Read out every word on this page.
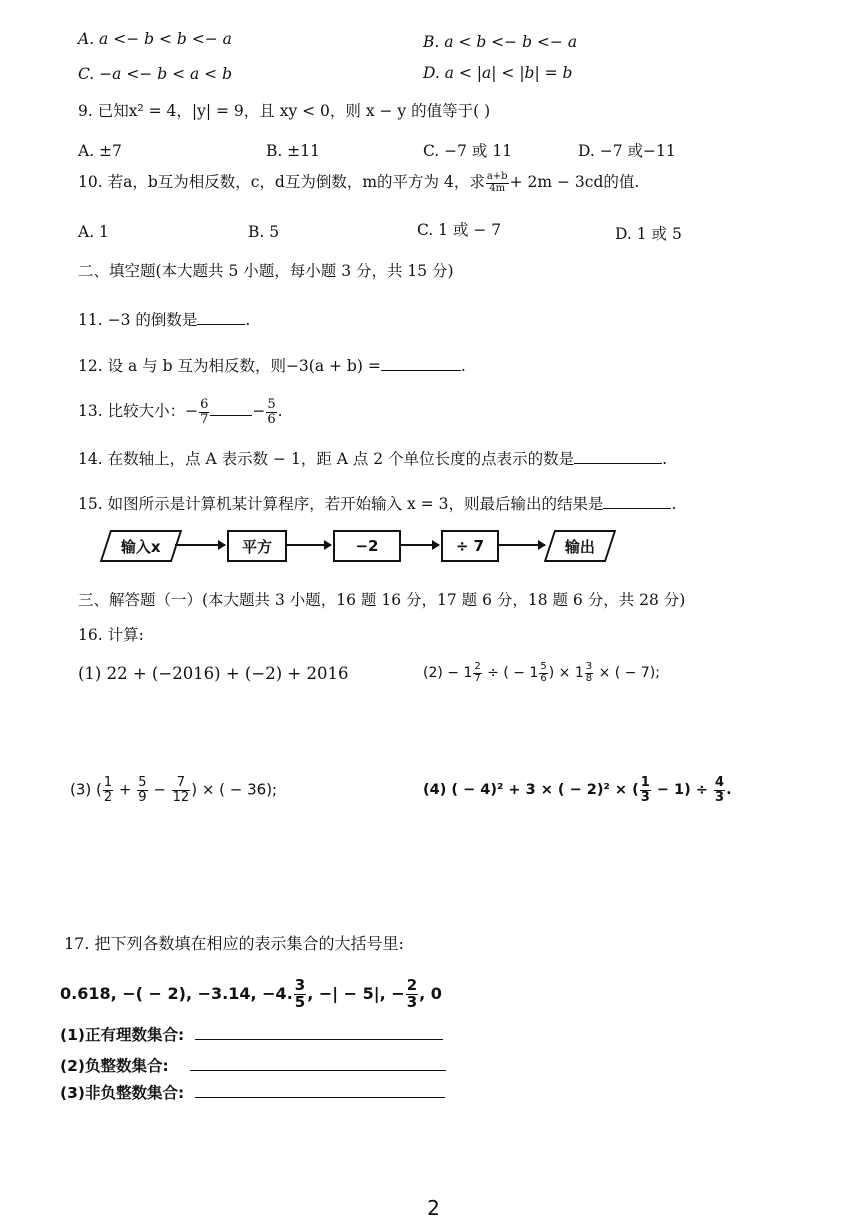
A. a <− b < b <− a	B. a < b <− b <− a
C. −a <− b < a < b	D. a < |a| < |b| = b
9. 已知x² = 4，|y| = 9，且 xy < 0，则 x − y 的值等于( )
A. ±7	B. ±11	C. −7 或 11	D. −7 或−11
10. 若a，b互为相反数，c，d互为倒数，m的平方为 4，求 $\frac{a+b}{4m} + 2m - 3cd$的值.
A. 1	B. 5	C. 1 或 − 7	D. 1 或 5
二、填空题(本大题共 5 小题，每小题 3 分，共 15 分)
11. −3 的倒数是	.
12. 设 a 与 b 互为相反数，则−3(a + b) =	.
13. 比较大小：− $\frac{6}{7}$	− $\frac{5}{6}$ .
14. 在数轴上，点 A 表示数 − 1，距 A 点 2 个单位长度的点表示的数是	.
15. 如图所示是计算机某计算程序，若开始输入 x = 3，则最后输出的结果是	.
输入x	平方	−2	÷ 7	输出
三、解答题（一）(本大题共 3 小题，16 题 16 分，17 题 6 分，18 题 6 分，共 28 分)
16. 计算:
(1) 22 + (−2016) + (−2) + 2016	$(2) - 1 \frac{2}{7}$ ÷ ( − $1 \frac{5}{6}$ ) × $1 \frac{3}{8}$ × ( − 7);
(3) ( $\frac{1}{2} + \frac{5}{9} - \frac{7}{12}$ ) × ( − 36);	(4) ( − 4)² + 3 × ( − 2)² × ( $\frac{1}{3} - 1) \div \frac{4}{3}$ .
17. 把下列各数填在相应的表示集合的大括号里:
0.618, −( − 2), −3.14, −4. $\frac{3}{5}$ , −| − 5|, − $\frac{2}{3}$ , 0
(1)正有理数集合:
(2)负整数集合:
(3)非负整数集合:
2
